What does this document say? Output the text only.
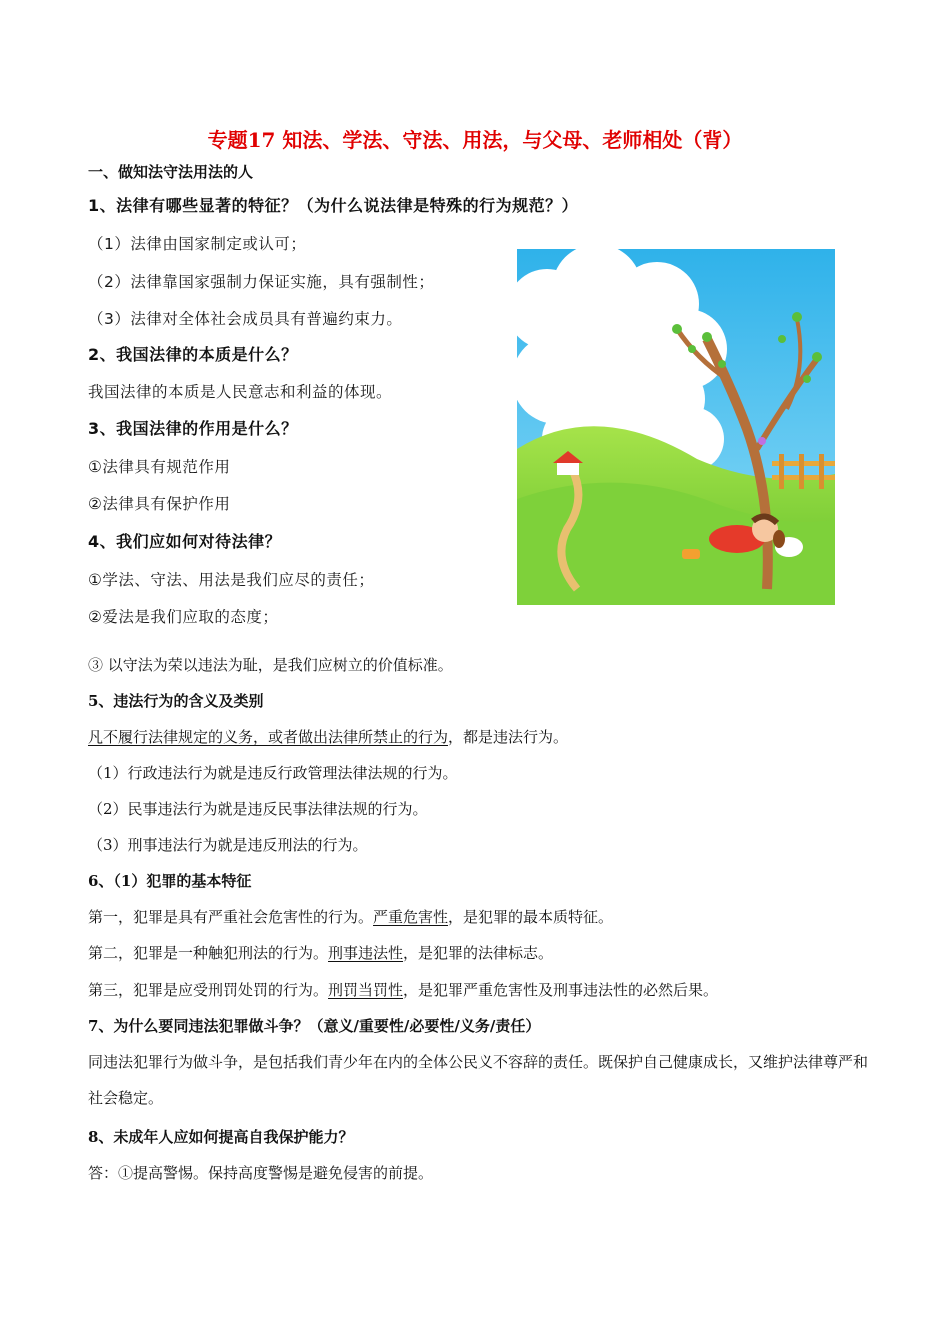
专题17 知法、学法、守法、用法，与父母、老师相处（背）
一、做知法守法用法的人
1、法律有哪些显著的特征？（为什么说法律是特殊的行为规范？）
（1）法律由国家制定或认可；
（2）法律靠国家强制力保证实施，具有强制性；
（3）法律对全体社会成员具有普遍约束力。
2、我国法律的本质是什么？
我国法律的本质是人民意志和利益的体现。
3、我国法律的作用是什么？
①法律具有规范作用
②法律具有保护作用
4、我们应如何对待法律？
①学法、守法、用法是我们应尽的责任；
②爱法是我们应取的态度；
③ 以守法为荣以违法为耻，是我们应树立的价值标准。
5、违法行为的含义及类别
凡不履行法律规定的义务，或者做出法律所禁止的行为，都是违法行为。
（1）行政违法行为就是违反行政管理法律法规的行为。
（2）民事违法行为就是违反民事法律法规的行为。
（3）刑事违法行为就是违反刑法的行为。
6、（1）犯罪的基本特征
第一，犯罪是具有严重社会危害性的行为。严重危害性，是犯罪的最本质特征。
第二，犯罪是一种触犯刑法的行为。刑事违法性，是犯罪的法律标志。
第三，犯罪是应受刑罚处罚的行为。刑罚当罚性，是犯罪严重危害性及刑事违法性的必然后果。
7、为什么要同违法犯罪做斗争？（意义/重要性/必要性/义务/责任）
同违法犯罪行为做斗争，是包括我们青少年在内的全体公民义不容辞的责任。既保护自己健康成长，又维护法律尊严和社会稳定。
8、未成年人应如何提高自我保护能力？
答：①提高警惕。保持高度警惕是避免侵害的前提。
